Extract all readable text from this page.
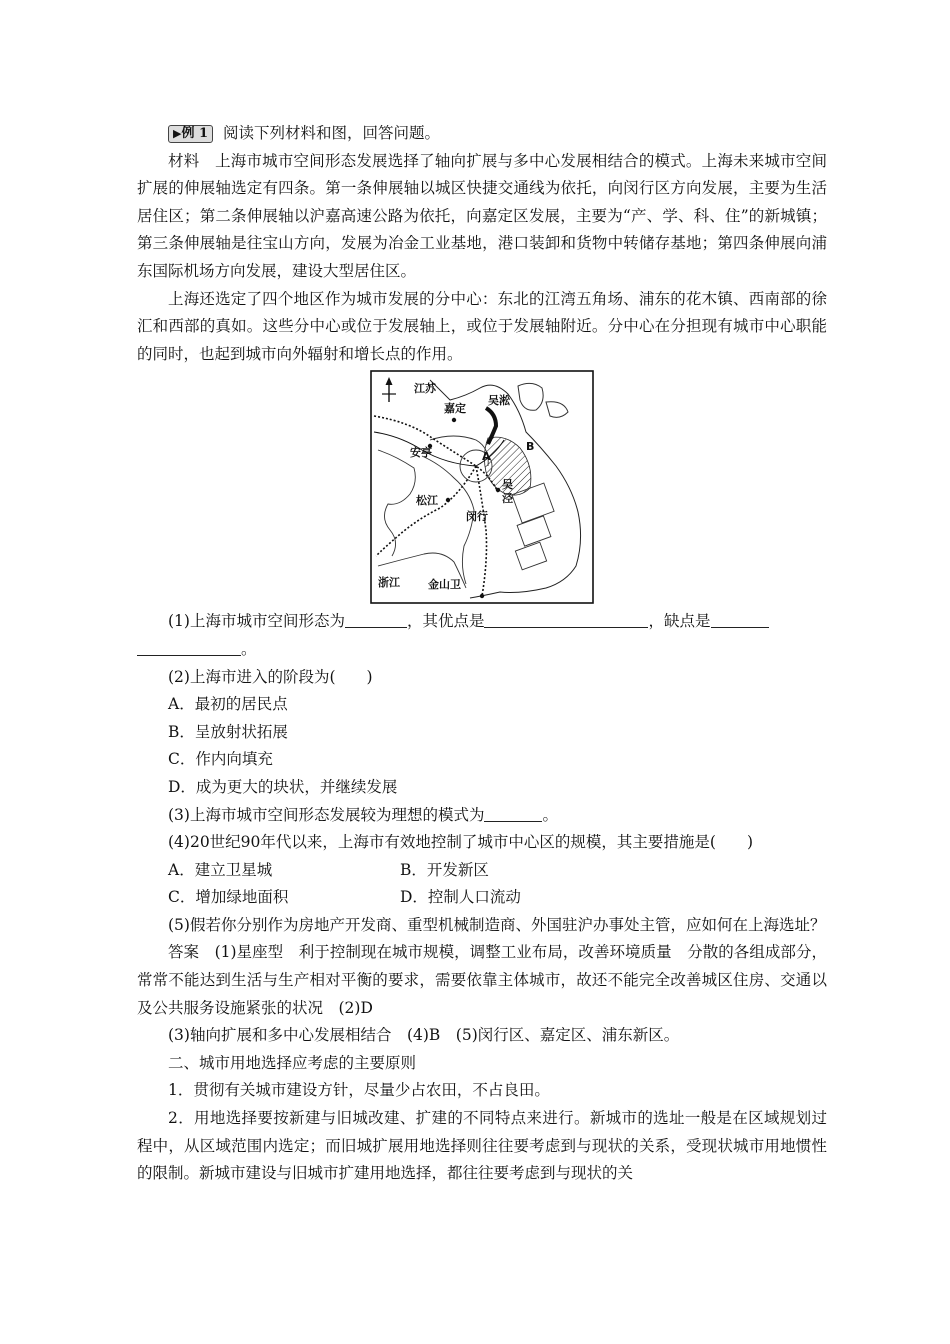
▶例 1 阅读下列材料和图，回答问题。

材料　上海市城市空间形态发展选择了轴向扩展与多中心发展相结合的模式。上海未来城市空间扩展的伸展轴选定有四条。第一条伸展轴以城区快捷交通线为依托，向闵行区方向发展，主要为生活居住区；第二条伸展轴以沪嘉高速公路为依托，向嘉定区发展，主要为“产、学、科、住”的新城镇；第三条伸展轴是往宝山方向，发展为冶金工业基地，港口装卸和货物中转储存基地；第四条伸展向浦东国际机场方向发展，建设大型居住区。

上海还选定了四个地区作为城市发展的分中心：东北的江湾五角场、浦东的花木镇、西南部的徐汇和西部的真如。这些分中心或位于发展轴上，或位于发展轴附近。分中心在分担现有城市中心职能的同时，也起到城市向外辐射和增长点的作用。

江苏
嘉定
吴淞
安亭	A
B
松江
吴
泾
闵行
浙江	金山卫

(1)上海市城市空间形态为	，其优点是	，缺点是
。

(2)上海市进入的阶段为(　　)

A．最初的居民点

B．呈放射状拓展

C．作内向填充

D．成为更大的块状，并继续发展

(3)上海市城市空间形态发展较为理想的模式为	。

(4)20世纪90年代以来，上海市有效地控制了城市中心区的规模，其主要措施是(　　)

A．建立卫星城	B．开发新区
C．增加绿地面积	D．控制人口流动

(5)假若你分别作为房地产开发商、重型机械制造商、外国驻沪办事处主管，应如何在上海选址？

答案　(1)星座型　利于控制现在城市规模，调整工业布局，改善环境质量　分散的各组成部分，常常不能达到生活与生产相对平衡的要求，需要依靠主体城市，故还不能完全改善城区住房、交通以及公共服务设施紧张的状况　(2)D

(3)轴向扩展和多中心发展相结合　(4)B　(5)闵行区、嘉定区、浦东新区。

二、城市用地选择应考虑的主要原则

1．贯彻有关城市建设方针，尽量少占农田，不占良田。

2．用地选择要按新建与旧城改建、扩建的不同特点来进行。新城市的选址一般是在区域规划过程中，从区域范围内选定；而旧城扩展用地选择则往往要考虑到与现状的关系，受现状城市用地惯性的限制。新城市建设与旧城市扩建用地选择，都往往要考虑到与现状的关
